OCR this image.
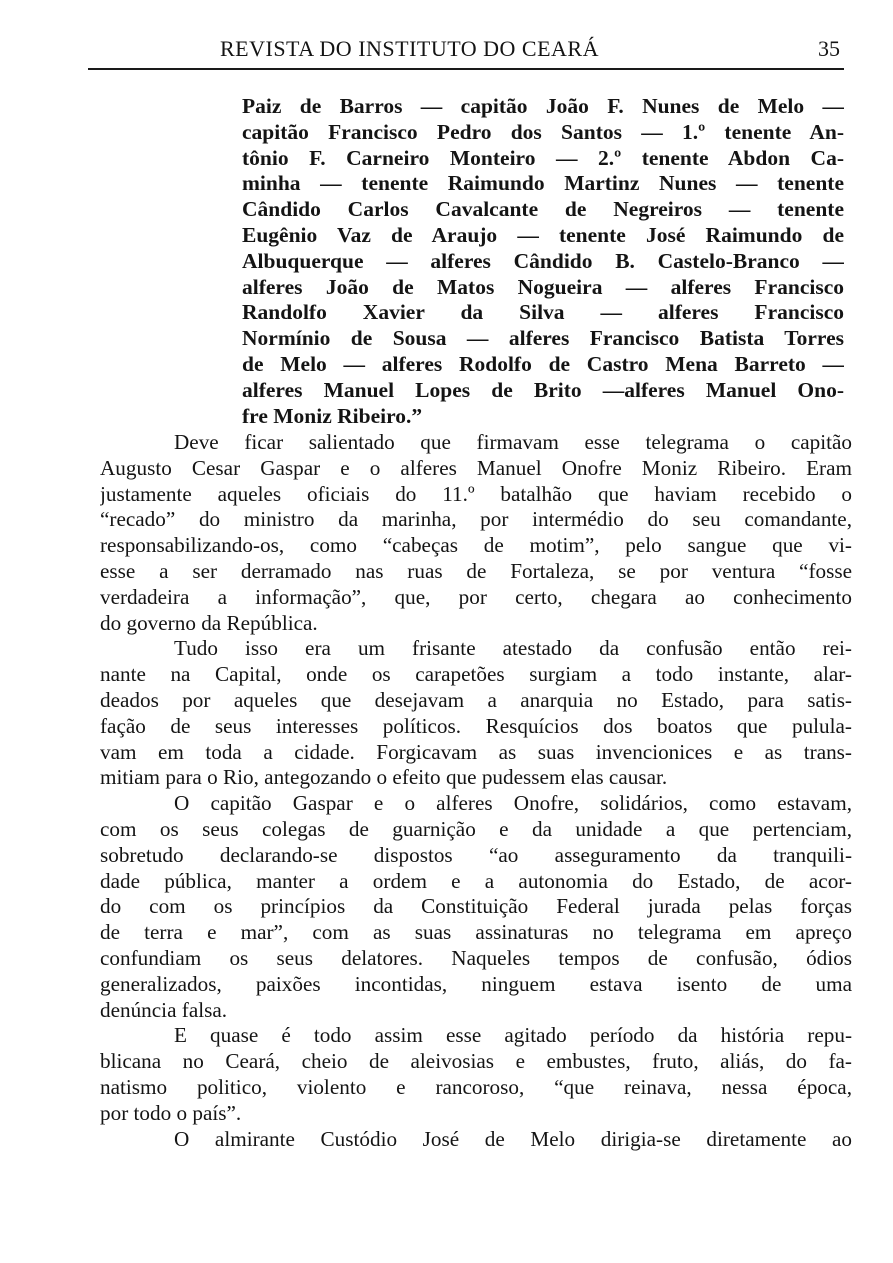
REVISTA DO INSTITUTO DO CEARÁ	35
Paiz de Barros — capitão João F. Nunes de Melo —
capitão Francisco Pedro dos Santos — 1.º tenente An-
tônio F. Carneiro Monteiro — 2.º tenente Abdon Ca-
minha — tenente Raimundo Martinz Nunes — tenente
Cândido Carlos Cavalcante de Negreiros — tenente
Eugênio Vaz de Araujo — tenente José Raimundo de
Albuquerque — alferes Cândido B. Castelo-Branco —
alferes João de Matos Nogueira — alferes Francisco
Randolfo Xavier da Silva — alferes Francisco
Normínio de Sousa — alferes Francisco Batista Torres
de Melo — alferes Rodolfo de Castro Mena Barreto —
alferes Manuel Lopes de Brito —alferes Manuel Ono-
fre Moniz Ribeiro.”
Deve ficar salientado que firmavam esse telegrama o capitão
Augusto Cesar Gaspar e o alferes Manuel Onofre Moniz Ribeiro. Eram
justamente aqueles oficiais do 11.º batalhão que haviam recebido o
“recado” do ministro da marinha, por intermédio do seu comandante,
responsabilizando-os, como “cabeças de motim”, pelo sangue que vi-
esse a ser derramado nas ruas de Fortaleza, se por ventura “fosse
verdadeira a informação”, que, por certo, chegara ao conhecimento
do governo da República.
Tudo isso era um frisante atestado da confusão então rei-
nante na Capital, onde os carapetões surgiam a todo instante, alar-
deados por aqueles que desejavam a anarquia no Estado, para satis-
fação de seus interesses políticos. Resquícios dos boatos que pulula-
vam em toda a cidade. Forgicavam as suas invencionices e as trans-
mitiam para o Rio, antegozando o efeito que pudessem elas causar.
O capitão Gaspar e o alferes Onofre, solidários, como estavam,
com os seus colegas de guarnição e da unidade a que pertenciam,
sobretudo declarando-se dispostos “ao asseguramento da tranquili-
dade pública, manter a ordem e a autonomia do Estado, de acor-
do com os princípios da Constituição Federal jurada pelas forças
de terra e mar”, com as suas assinaturas no telegrama em apreço
confundiam os seus delatores. Naqueles tempos de confusão, ódios
generalizados, paixões incontidas, ninguem estava isento de uma
denúncia falsa.
E quase é todo assim esse agitado período da história repu-
blicana no Ceará, cheio de aleivosias e embustes, fruto, aliás, do fa-
natismo politico, violento e rancoroso, “que reinava, nessa época,
por todo o país”.
O almirante Custódio José de Melo dirigia-se diretamente ao
